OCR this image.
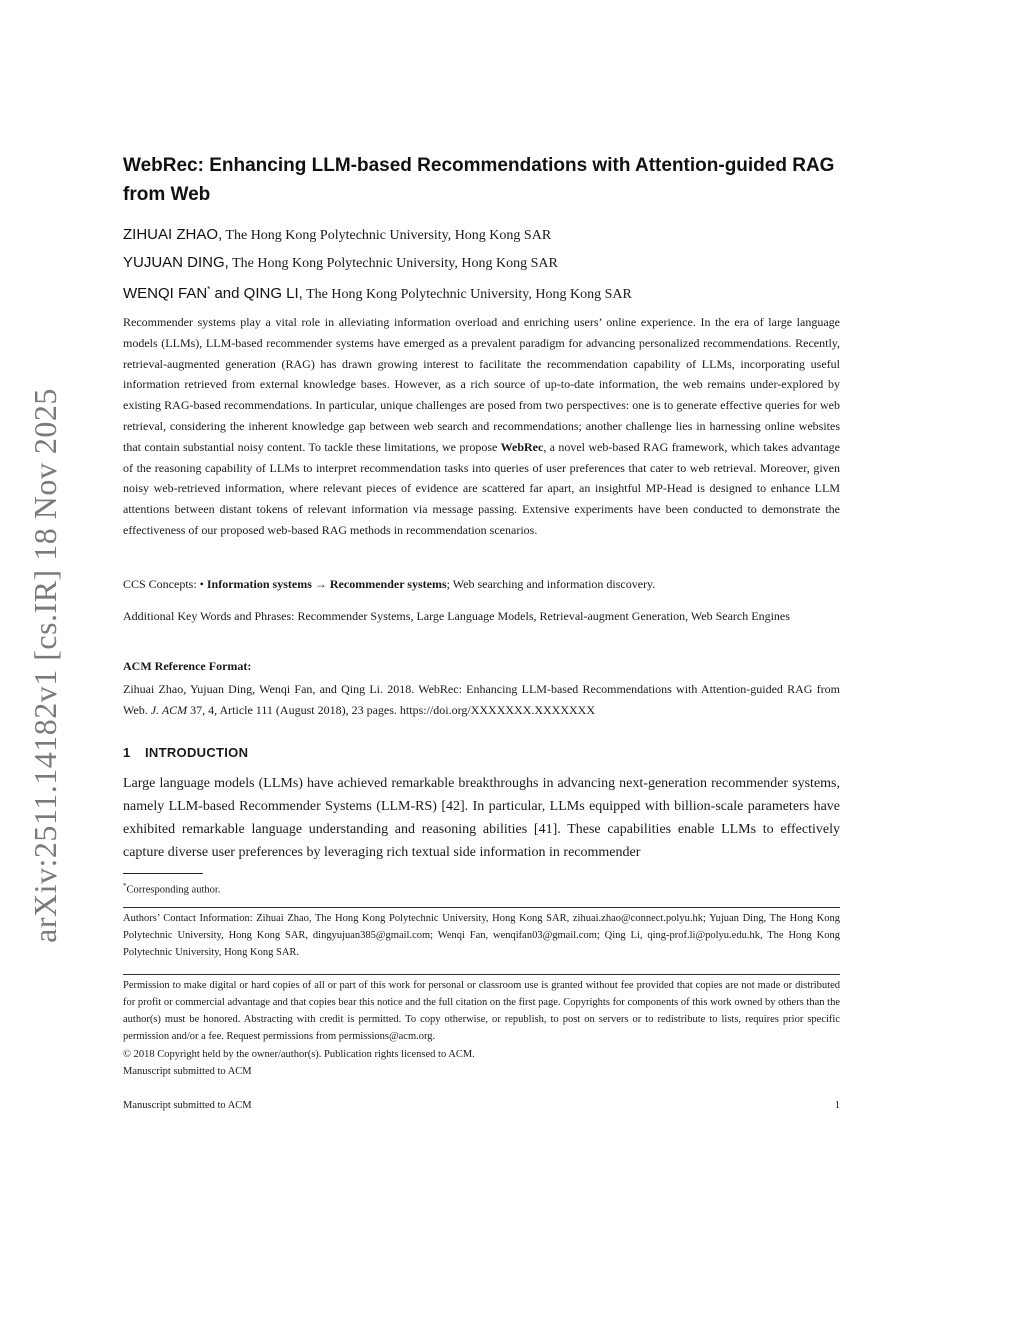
arXiv:2511.14182v1 [cs.IR] 18 Nov 2025
WebRec: Enhancing LLM-based Recommendations with Attention-guided RAG from Web
ZIHUAI ZHAO, The Hong Kong Polytechnic University, Hong Kong SAR
YUJUAN DING, The Hong Kong Polytechnic University, Hong Kong SAR
WENQI FAN* and QING LI, The Hong Kong Polytechnic University, Hong Kong SAR

Recommender systems play a vital role in alleviating information overload and enriching users’ online experience. In the era of large language models (LLMs), LLM-based recommender systems have emerged as a prevalent paradigm for advancing personalized recommendations. Recently, retrieval-augmented generation (RAG) has drawn growing interest to facilitate the recommendation capability of LLMs, incorporating useful information retrieved from external knowledge bases. However, as a rich source of up-to-date information, the web remains under-explored by existing RAG-based recommendations. In particular, unique challenges are posed from two perspectives: one is to generate effective queries for web retrieval, considering the inherent knowledge gap between web search and recommendations; another challenge lies in harnessing online websites that contain substantial noisy content. To tackle these limitations, we propose WebRec, a novel web-based RAG framework, which takes advantage of the reasoning capability of LLMs to interpret recommendation tasks into queries of user preferences that cater to web retrieval. Moreover, given noisy web-retrieved information, where relevant pieces of evidence are scattered far apart, an insightful MP-Head is designed to enhance LLM attentions between distant tokens of relevant information via message passing. Extensive experiments have been conducted to demonstrate the effectiveness of our proposed web-based RAG methods in recommendation scenarios.

CCS Concepts: • Information systems → Recommender systems; Web searching and information discovery.

Additional Key Words and Phrases: Recommender Systems, Large Language Models, Retrieval-augment Generation, Web Search Engines

ACM Reference Format:

Zihuai Zhao, Yujuan Ding, Wenqi Fan, and Qing Li. 2018. WebRec: Enhancing LLM-based Recommendations with Attention-guided RAG from Web. J. ACM 37, 4, Article 111 (August 2018), 23 pages. https://doi.org/XXXXXXX.XXXXXXX

1 INTRODUCTION

Large language models (LLMs) have achieved remarkable breakthroughs in advancing next-generation recommender systems, namely LLM-based Recommender Systems (LLM-RS) [42]. In particular, LLMs equipped with billion-scale parameters have exhibited remarkable language understanding and reasoning abilities [41]. These capabilities enable LLMs to effectively capture diverse user preferences by leveraging rich textual side information in recommender

*Corresponding author.

Authors’ Contact Information: Zihuai Zhao, The Hong Kong Polytechnic University, Hong Kong SAR, zihuai.zhao@connect.polyu.hk; Yujuan Ding, The Hong Kong Polytechnic University, Hong Kong SAR, dingyujuan385@gmail.com; Wenqi Fan, wenqifan03@gmail.com; Qing Li, qing-prof.li@polyu.edu.hk, The Hong Kong Polytechnic University, Hong Kong SAR.

Permission to make digital or hard copies of all or part of this work for personal or classroom use is granted without fee provided that copies are not made or distributed for profit or commercial advantage and that copies bear this notice and the full citation on the first page. Copyrights for components of this work owned by others than the author(s) must be honored. Abstracting with credit is permitted. To copy otherwise, or republish, to post on servers or to redistribute to lists, requires prior specific permission and/or a fee. Request permissions from permissions@acm.org.

© 2018 Copyright held by the owner/author(s). Publication rights licensed to ACM.

Manuscript submitted to ACM

Manuscript submitted to ACM	1
